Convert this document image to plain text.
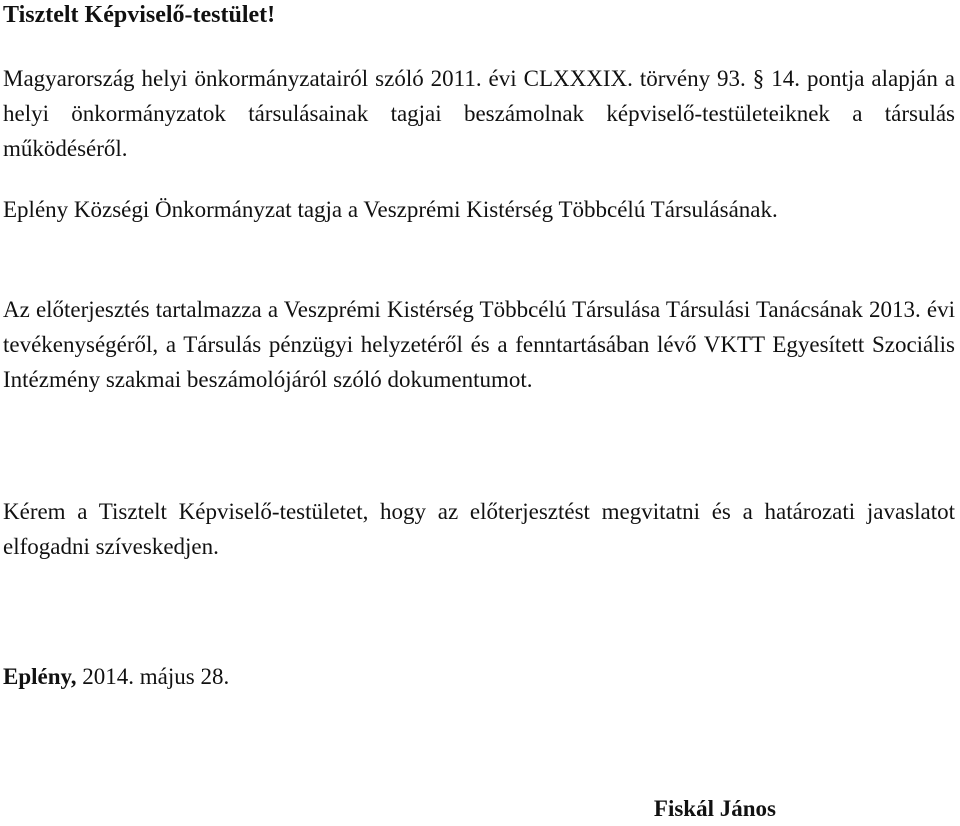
Tisztelt Képviselő-testület!

Magyarország helyi önkormányzatairól szóló 2011. évi CLXXXIX. törvény 93. § 14. pontja alapján a helyi önkormányzatok társulásainak tagjai beszámolnak képviselő-testületeiknek a társulás működéséről.

Eplény Községi Önkormányzat tagja a Veszprémi Kistérség Többcélú Társulásának.

Az előterjesztés tartalmazza a Veszprémi Kistérség Többcélú Társulása Társulási Tanácsának 2013. évi tevékenységéről, a Társulás pénzügyi helyzetéről és a fenntartásában lévő VKTT Egyesített Szociális Intézmény szakmai beszámolójáról szóló dokumentumot.

Kérem a Tisztelt Képviselő-testületet, hogy az előterjesztést megvitatni és a határozati javaslatot elfogadni szíveskedjen.

Eplény, 2014. május 28.

Fiskál János
